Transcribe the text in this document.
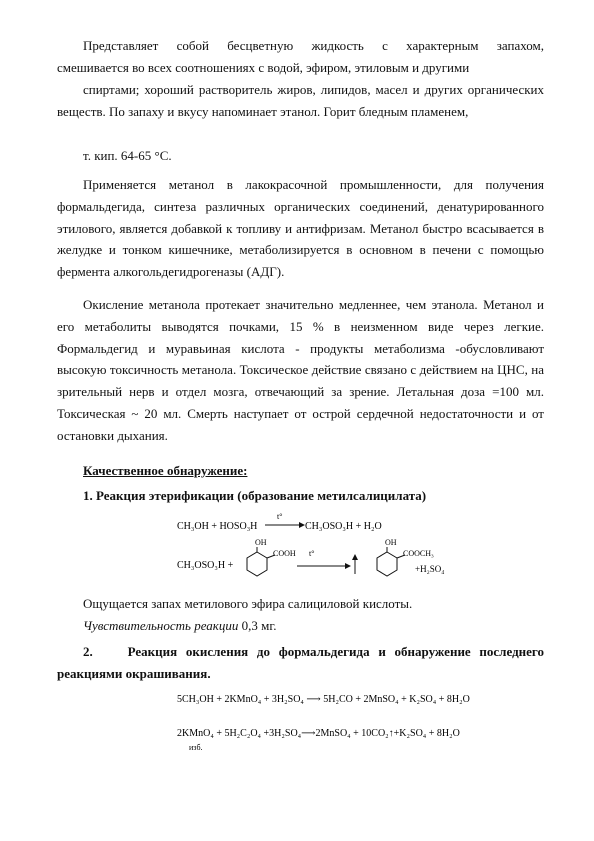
Представляет собой бесцветную жидкость с характерным запахом,
смешивается во всех соотношениях с водой, эфиром, этиловым и другими

спиртами; хороший растворитель жиров, липидов, масел и других органических веществ. По запаху и вкусу напоминает этанол. Горит бледным пламенем,

т. кип. 64-65 °С.

Применяется метанол в лакокрасочной промышленности, для получения формальдегида, синтеза различных органических соединений, денатурированного этилового, является добавкой к топливу и антифризам. Метанол быстро всасывается в желудке и тонком кишечнике, метаболизируется в основном в печени с помощью фермента алкогольдегидрогеназы (АДГ).

Окисление метанола протекает значительно медленнее, чем этанола. Метанол и его метаболиты выводятся почками, 15 % в неизменном виде через легкие. Формальдегид и муравьиная кислота - продукты метаболизма -обусловливают высокую токсичность метанола. Токсическое действие связано с действием на ЦНС, на зрительный нерв и отдел мозга, отвечающий за зрение. Летальная доза =100 мл. Токсическая ~ 20 мл. Смерть наступает от острой сердечной недостаточности и от остановки дыхания.

Качественное обнаружение:

1. Реакция этерификации (образование метилсалицилата)

CH₃OH + HOSO₃H
t°
CH₃OSO₃H + H₂O
CH₃OSO₃H +
OH
COOH t°
OH
COOCH₃
+H₂SO₄

Ощущается запах метилового эфира салициловой кислоты.

Чувствительность реакции 0,3 мг.

2.	Реакция окисления до формальдегида и обнаружение последнего реакциями окрашивания.

5CH₃OH + 2KMnO₄ + 3H₂SO₄ ⟶ 5H₂CO + 2MnSO₄ + K₂SO₄ + 8H₂O
2KMnO₄ + 5H₂C₂O₄ +3H₂SO₄⟶2MnSO₄ + 10CO₂↑+K₂SO₄ + 8H₂O
изб.
